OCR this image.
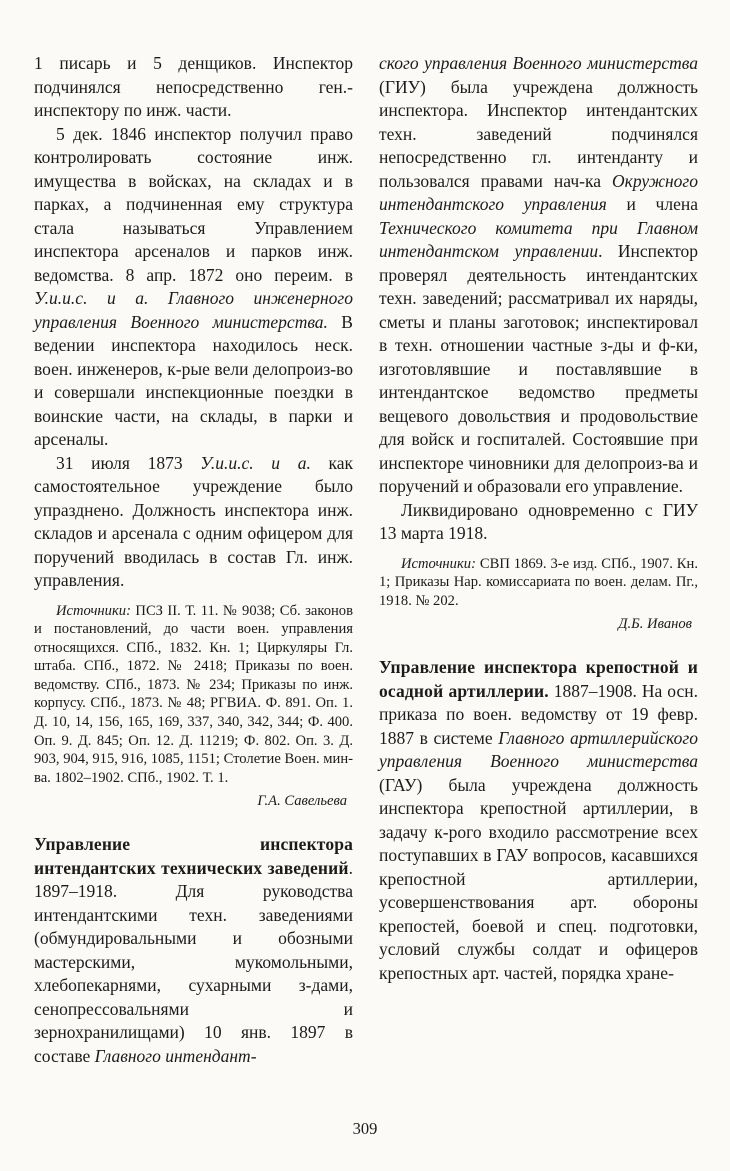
1 писарь и 5 денщиков. Инспектор подчинялся непосредственно ген.-инспектору по инж. части.

5 дек. 1846 инспектор получил право контролировать состояние инж. имущества в войсках, на складах и в парках, а подчиненная ему структура стала называться Управлением инспектора арсеналов и парков инж. ведомства. 8 апр. 1872 оно переим. в У.и.и.с. и а. Главного инженерного управления Военного министерства. В ведении инспектора находилось неск. воен. инженеров, к-рые вели делопроиз-во и совершали инспекционные поездки в воинские части, на склады, в парки и арсеналы.

31 июля 1873 У.и.и.с. и а. как самостоятельное учреждение было упразднено. Должность инспектора инж. складов и арсенала с одним офицером для поручений вводилась в состав Гл. инж. управления.

Источники: ПСЗ II. Т. 11. № 9038; Сб. законов и постановлений, до части воен. управления относящихся. СПб., 1832. Кн. 1; Циркуляры Гл. штаба. СПб., 1872. № 2418; Приказы по воен. ведомству. СПб., 1873. № 234; Приказы по инж. корпусу. СПб., 1873. № 48; РГВИА. Ф. 891. Оп. 1. Д. 10, 14, 156, 165, 169, 337, 340, 342, 344; Ф. 400. Оп. 9. Д. 845; Оп. 12. Д. 11219; Ф. 802. Оп. 3. Д. 903, 904, 915, 916, 1085, 1151; Столетие Воен. мин-ва. 1802–1902. СПб., 1902. Т. 1.

Г.А. Савельева

Управление инспектора интендантских технических заведений. 1897–1918. Для руководства интендантскими техн. заведениями (обмундировальными и обозными мастерскими, мукомольными, хлебопекарнями, сухарными з-дами, сенопрессовальнями и зернохранилищами) 10 янв. 1897 в составе Главного интендант-

ского управления Военного министерства (ГИУ) была учреждена должность инспектора. Инспектор интендантских техн. заведений подчинялся непосредственно гл. интенданту и пользовался правами нач-ка Окружного интендантского управления и члена Технического комитета при Главном интендантском управлении. Инспектор проверял деятельность интендантских техн. заведений; рассматривал их наряды, сметы и планы заготовок; инспектировал в техн. отношении частные з-ды и ф-ки, изготовлявшие и поставлявшие в интендантское ведомство предметы вещевого довольствия и продовольствие для войск и госпиталей. Состоявшие при инспекторе чиновники для делопроиз-ва и поручений и образовали его управление.

Ликвидировано одновременно с ГИУ 13 марта 1918.

Источники: СВП 1869. 3-е изд. СПб., 1907. Кн. 1; Приказы Нар. комиссариата по воен. делам. Пг., 1918. № 202.

Д.Б. Иванов

Управление инспектора крепостной и осадной артиллерии. 1887–1908. На осн. приказа по воен. ведомству от 19 февр. 1887 в системе Главного артиллерийского управления Военного министерства (ГАУ) была учреждена должность инспектора крепостной артиллерии, в задачу к-рого входило рассмотрение всех поступавших в ГАУ вопросов, касавшихся крепостной артиллерии, усовершенствования арт. обороны крепостей, боевой и спец. подготовки, условий службы солдат и офицеров крепостных арт. частей, порядка хране-

309
